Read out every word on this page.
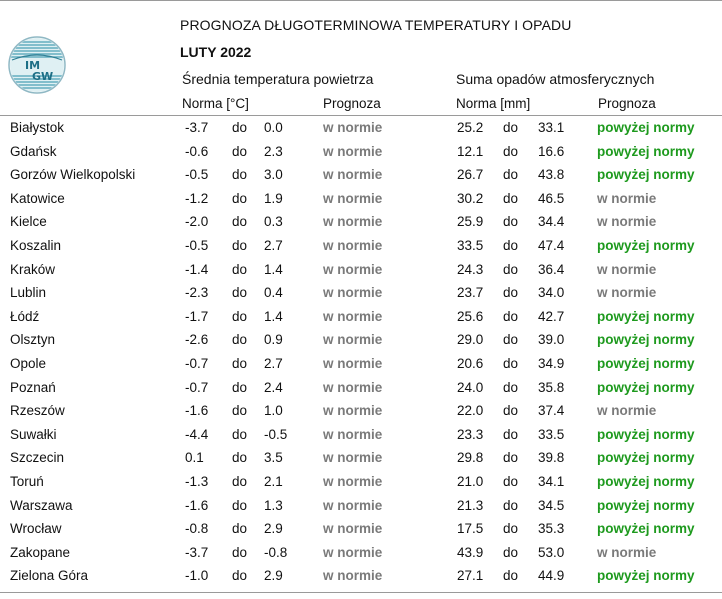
IM
GW
PROGNOZA DŁUGOTERMINOWA TEMPERATURY I OPADU
LUTY 2022
Średnia temperatura powietrza	Suma opadów atmosferycznych
Norma [°C]	Prognoza	Norma [mm]	Prognoza
Białystok	-3.7 do 0.0	w normie	25.2 do 33.1 powyżej normy
Gdańsk	-0.6 do 2.3	w normie	12.1 do 16.6 powyżej normy
Gorzów Wielkopolski	-0.5 do 3.0	w normie	26.7 do 43.8 powyżej normy
Katowice	-1.2 do 1.9	w normie	30.2 do 46.5 w normie
Kielce	-2.0 do 0.3	w normie	25.9 do 34.4 w normie
Koszalin	-0.5 do 2.7	w normie	33.5 do 47.4 powyżej normy
Kraków	-1.4 do 1.4	w normie	24.3 do 36.4 w normie
Lublin	-2.3 do 0.4	w normie	23.7 do 34.0 w normie
Łódź	-1.7 do 1.4	w normie	25.6 do 42.7 powyżej normy
Olsztyn	-2.6 do 0.9	w normie	29.0 do 39.0 powyżej normy
Opole	-0.7 do 2.7	w normie	20.6 do 34.9 powyżej normy
Poznań	-0.7 do 2.4	w normie	24.0 do 35.8 powyżej normy
Rzeszów	-1.6 do 1.0	w normie	22.0 do 37.4 w normie
Suwałki	-4.4 do -0.5	w normie	23.3 do 33.5 powyżej normy
Szczecin	0.1 do 3.5	w normie	29.8 do 39.8 powyżej normy
Toruń	-1.3 do 2.1	w normie	21.0 do 34.1 powyżej normy
Warszawa	-1.6 do 1.3	w normie	21.3 do 34.5 powyżej normy
Wrocław	-0.8 do 2.9	w normie	17.5 do 35.3 powyżej normy
Zakopane	-3.7 do -0.8	w normie	43.9 do 53.0 w normie
Zielona Góra	-1.0 do 2.9	w normie	27.1 do 44.9 powyżej normy
